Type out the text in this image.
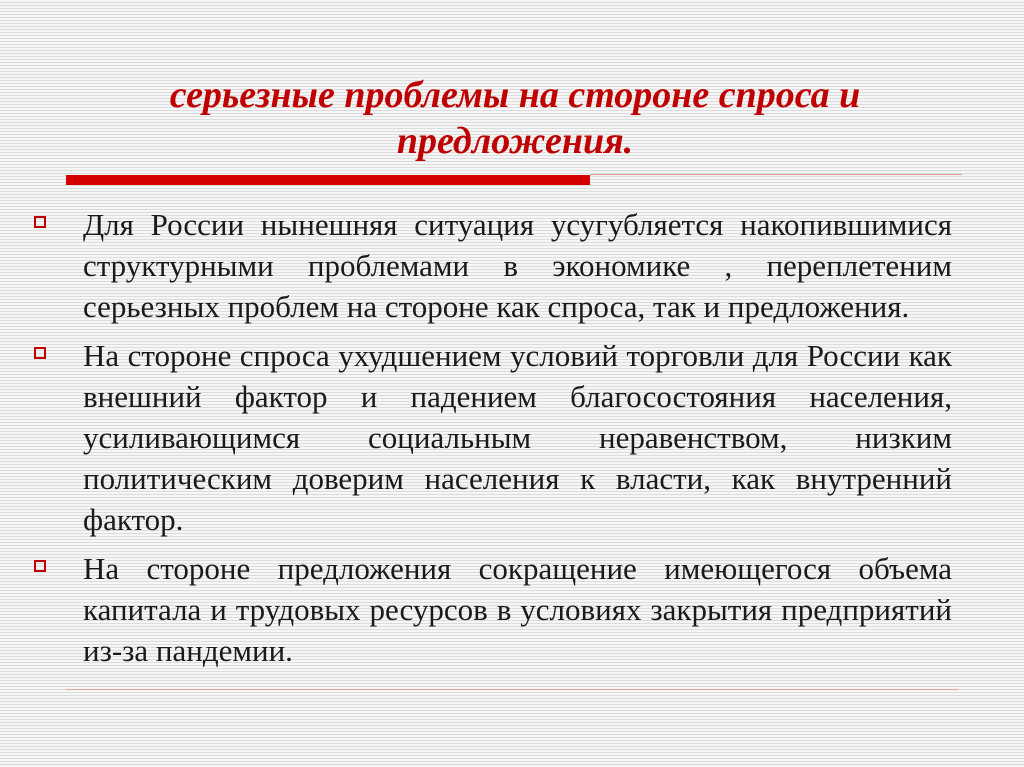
серьезные проблемы на стороне спроса и предложения.
Для России нынешняя ситуация усугубляется накопившимися структурными проблемами в экономике , переплетеним серьезных проблем на стороне как спроса, так и предложения.
На стороне спроса ухудшением условий торговли для России как внешний фактор и падением благосостояния населения, усиливающимся социальным неравенством, низким политическим доверим населения к власти, как внутренний фактор.
На стороне предложения сокращение имеющегося объема капитала и трудовых ресурсов в условиях закрытия предприятий из-за пандемии.
